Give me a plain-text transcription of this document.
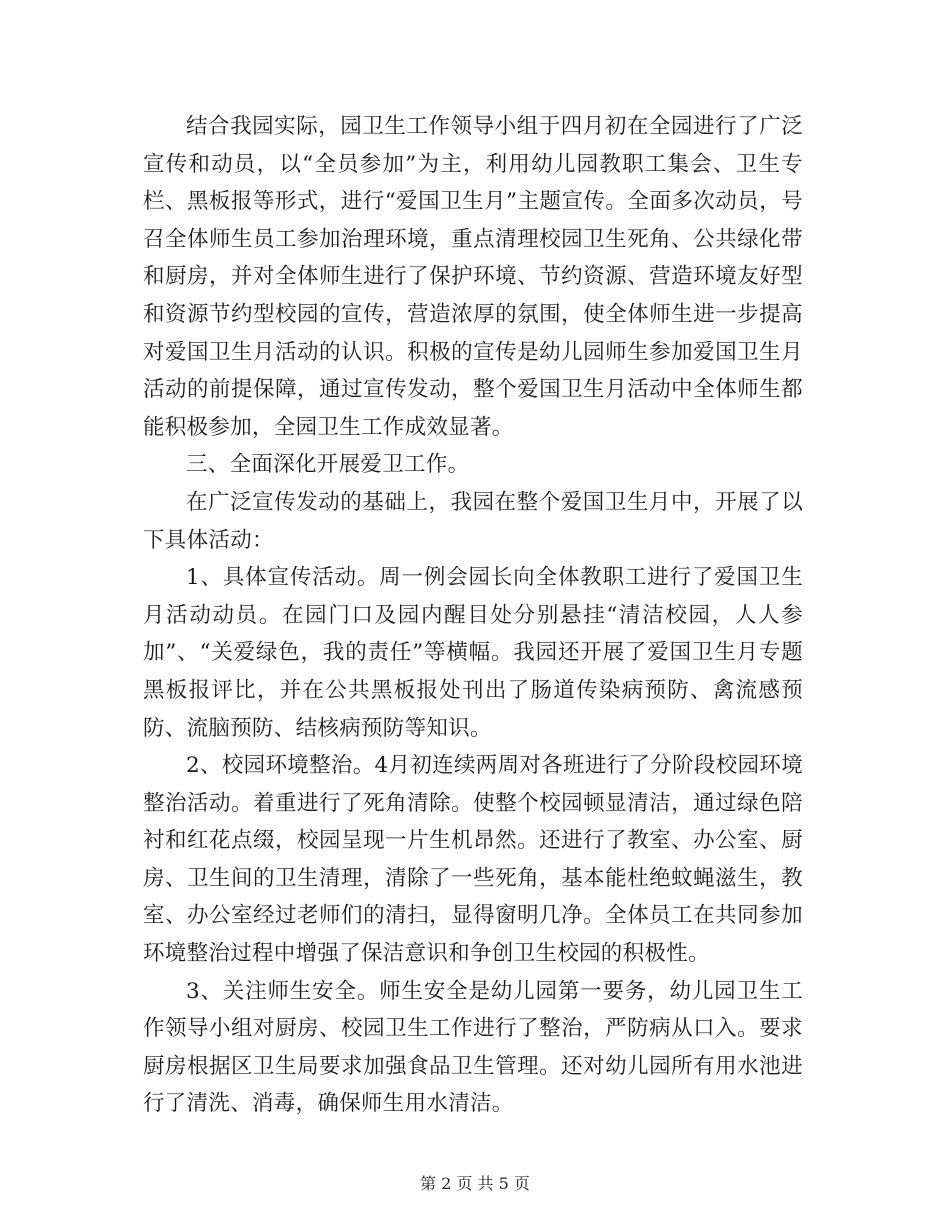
结合我园实际，园卫生工作领导小组于四月初在全园进行了广泛宣传和动员，以“全员参加”为主，利用幼儿园教职工集会、卫生专栏、黑板报等形式，进行“爱国卫生月”主题宣传。全面多次动员，号召全体师生员工参加治理环境，重点清理校园卫生死角、公共绿化带和厨房，并对全体师生进行了保护环境、节约资源、营造环境友好型和资源节约型校园的宣传，营造浓厚的氛围，使全体师生进一步提高对爱国卫生月活动的认识。积极的宣传是幼儿园师生参加爱国卫生月活动的前提保障，通过宣传发动，整个爱国卫生月活动中全体师生都能积极参加，全园卫生工作成效显著。

三、全面深化开展爱卫工作。

在广泛宣传发动的基础上，我园在整个爱国卫生月中，开展了以下具体活动：

1、具体宣传活动。周一例会园长向全体教职工进行了爱国卫生月活动动员。在园门口及园内醒目处分别悬挂“清洁校园，人人参加”、“关爱绿色，我的责任”等横幅。我园还开展了爱国卫生月专题黑板报评比，并在公共黑板报处刊出了肠道传染病预防、禽流感预防、流脑预防、结核病预防等知识。

2、校园环境整治。4月初连续两周对各班进行了分阶段校园环境整治活动。着重进行了死角清除。使整个校园顿显清洁，通过绿色陪衬和红花点缀，校园呈现一片生机昂然。还进行了教室、办公室、厨房、卫生间的卫生清理，清除了一些死角，基本能杜绝蚊蝇滋生，教室、办公室经过老师们的清扫，显得窗明几净。全体员工在共同参加环境整治过程中增强了保洁意识和争创卫生校园的积极性。

3、关注师生安全。师生安全是幼儿园第一要务，幼儿园卫生工作领导小组对厨房、校园卫生工作进行了整治，严防病从口入。要求厨房根据区卫生局要求加强食品卫生管理。还对幼儿园所有用水池进行了清洗、消毒，确保师生用水清洁。

第 2 页 共 5 页
